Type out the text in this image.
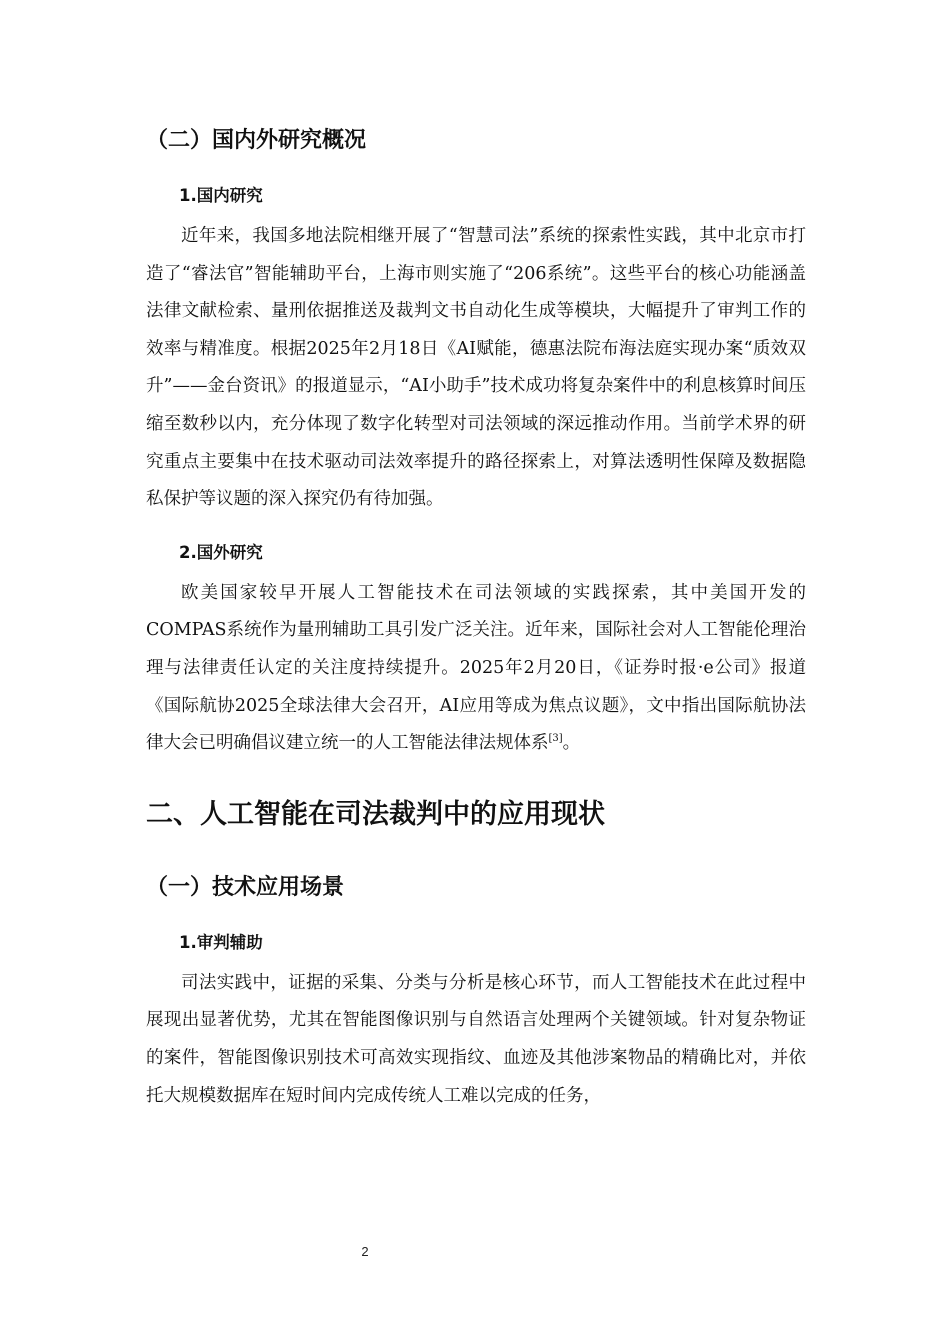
（二）国内外研究概况
1.国内研究

近年来，我国多地法院相继开展了“智慧司法”系统的探索性实践，其中北京市打造了“睿法官”智能辅助平台，上海市则实施了“206系统”。这些平台的核心功能涵盖法律文献检索、量刑依据推送及裁判文书自动化生成等模块，大幅提升了审判工作的效率与精准度。根据2025年2月18日《AI赋能，德惠法院布海法庭实现办案“质效双升”——金台资讯》的报道显示，“AI小助手”技术成功将复杂案件中的利息核算时间压缩至数秒以内，充分体现了数字化转型对司法领域的深远推动作用。当前学术界的研究重点主要集中在技术驱动司法效率提升的路径探索上，对算法透明性保障及数据隐私保护等议题的深入探究仍有待加强。

2.国外研究

欧美国家较早开展人工智能技术在司法领域的实践探索，其中美国开发的COMPAS系统作为量刑辅助工具引发广泛关注。近年来，国际社会对人工智能伦理治理与法律责任认定的关注度持续提升。2025年2月20日，《证券时报·e公司》报道《国际航协2025全球法律大会召开，AI应用等成为焦点议题》，文中指出国际航协法律大会已明确倡议建立统一的人工智能法律法规体系[3]。

二、人工智能在司法裁判中的应用现状
（一）技术应用场景
1.审判辅助

司法实践中，证据的采集、分类与分析是核心环节，而人工智能技术在此过程中展现出显著优势，尤其在智能图像识别与自然语言处理两个关键领域。针对复杂物证的案件，智能图像识别技术可高效实现指纹、血迹及其他涉案物品的精确比对，并依托大规模数据库在短时间内完成传统人工难以完成的任务，

2
